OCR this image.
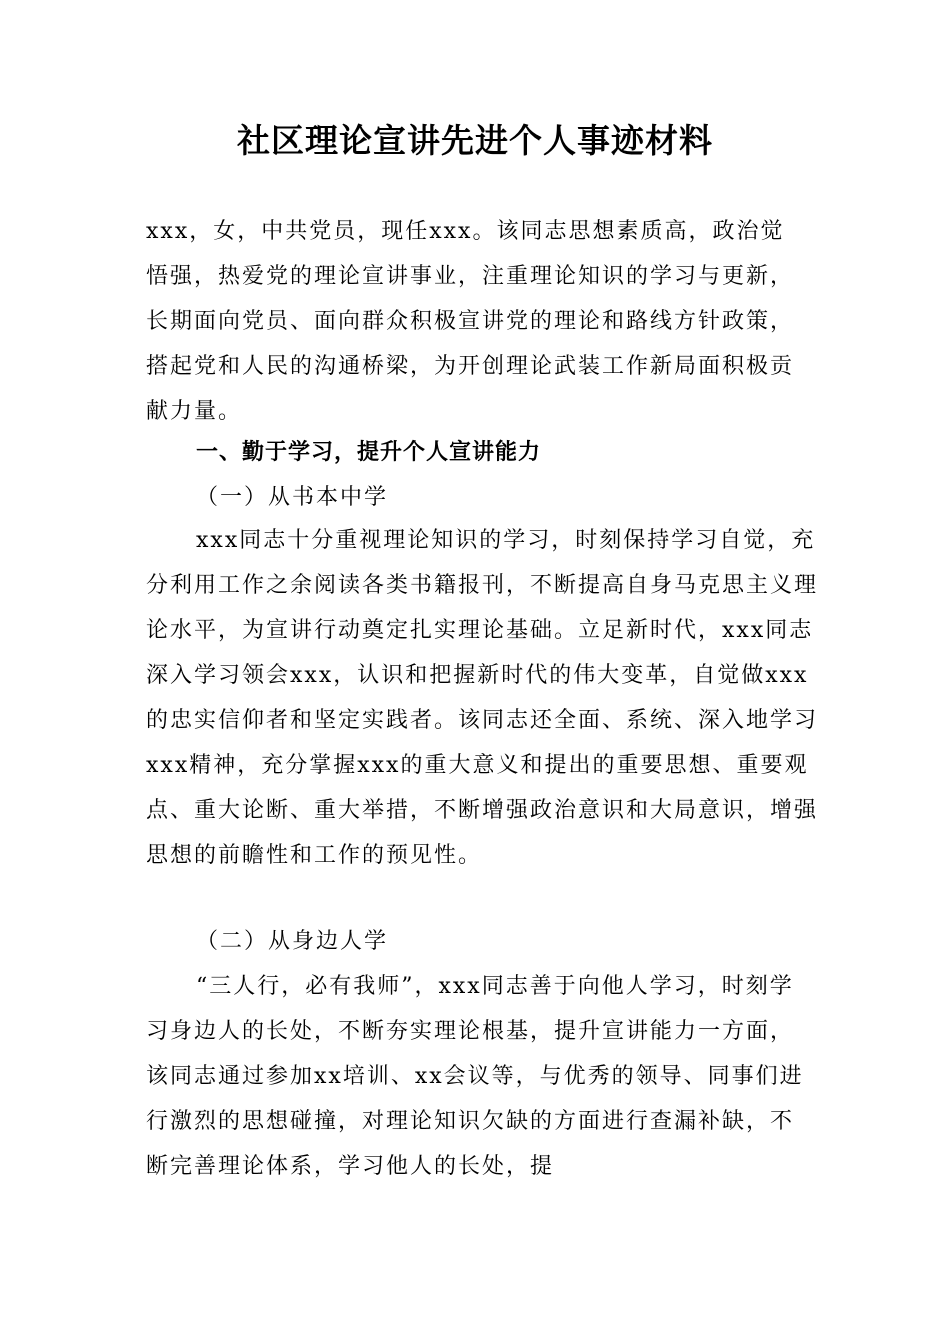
社区理论宣讲先进个人事迹材料

xxx，女，中共党员，现任xxx。该同志思想素质高，政治觉悟强，热爱党的理论宣讲事业，注重理论知识的学习与更新，长期面向党员、面向群众积极宣讲党的理论和路线方针政策，搭起党和人民的沟通桥梁，为开创理论武装工作新局面积极贡献力量。

一、勤于学习，提升个人宣讲能力

（一）从书本中学

xxx同志十分重视理论知识的学习，时刻保持学习自觉，充分利用工作之余阅读各类书籍报刊，不断提高自身马克思主义理论水平，为宣讲行动奠定扎实理论基础。立足新时代，xxx同志深入学习领会xxx，认识和把握新时代的伟大变革，自觉做xxx的忠实信仰者和坚定实践者。该同志还全面、系统、深入地学习xxx精神，充分掌握xxx的重大意义和提出的重要思想、重要观点、重大论断、重大举措，不断增强政治意识和大局意识，增强思想的前瞻性和工作的预见性。

（二）从身边人学

“三人行，必有我师”，xxx同志善于向他人学习，时刻学习身边人的长处，不断夯实理论根基，提升宣讲能力一方面，该同志通过参加xx培训、xx会议等，与优秀的领导、同事们进行激烈的思想碰撞，对理论知识欠缺的方面进行查漏补缺，不断完善理论体系，学习他人的长处，提
